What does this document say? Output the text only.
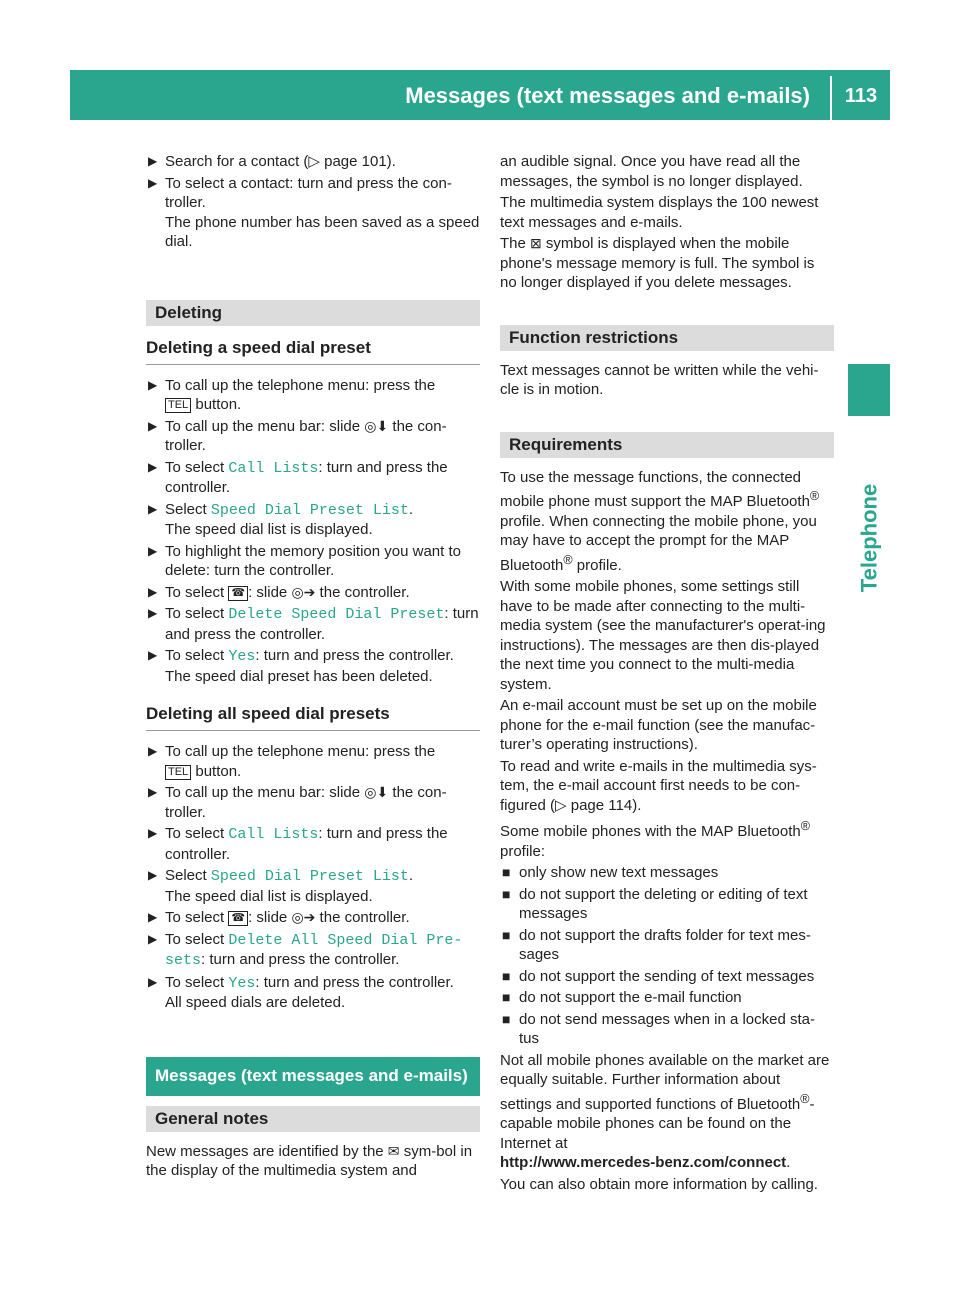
Messages (text messages and e-mails)	113
Telephone
▶ Search for a contact (▷ page 101).
▶ To select a contact: turn and press the con-troller.
The phone number has been saved as a speed dial.
Deleting
Deleting a speed dial preset
▶ To call up the telephone menu: press the
TEL button.
▶ To call up the menu bar: slide ◎⬇ the con-troller.
▶ To select Call Lists: turn and press the controller.
▶ Select Speed Dial Preset List.
The speed dial list is displayed.
▶ To highlight the memory position you want to delete: turn the controller.
▶ To select ☎ : slide ◎➔ the controller.
▶ To select Delete Speed Dial Preset: turn and press the controller.
▶ To select Yes: turn and press the controller.
The speed dial preset has been deleted.
Deleting all speed dial presets
▶ To call up the telephone menu: press the
TEL button.
▶ To call up the menu bar: slide ◎⬇ the con-troller.
▶ To select Call Lists: turn and press the controller.
▶ Select Speed Dial Preset List.
The speed dial list is displayed.
▶ To select ☎ : slide ◎➔ the controller.
▶ To select Delete All Speed Dial Pre‐
sets: turn and press the controller.
▶ To select Yes: turn and press the controller.
All speed dials are deleted.
Messages (text messages and e-mails)
General notes

New messages are identified by the ✉ sym-bol in the display of the multimedia system and

an audible signal. Once you have read all the messages, the symbol is no longer displayed.

The multimedia system displays the 100 newest text messages and e-mails.

The ⊠ symbol is displayed when the mobile phone's message memory is full. The symbol is no longer displayed if you delete messages.

Function restrictions

Text messages cannot be written while the vehi-cle is in motion.

Requirements

To use the message functions, the connected mobile phone must support the MAP Bluetooth® profile. When connecting the mobile phone, you may have to accept the prompt for the MAP Bluetooth® profile.

With some mobile phones, some settings still have to be made after connecting to the multi-media system (see the manufacturer's operat-ing instructions). The messages are then dis-played the next time you connect to the multi-media system.

An e-mail account must be set up on the mobile phone for the e-mail function (see the manufac-turer’s operating instructions).

To read and write e-mails in the multimedia sys-tem, the e-mail account first needs to be con-figured (▷ page 114).

Some mobile phones with the MAP Bluetooth® profile:

■ only show new text messages
■ do not support the deleting or editing of text messages
■ do not support the drafts folder for text mes-sages
■ do not support the sending of text messages
■ do not support the e-mail function
■ do not send messages when in a locked sta-tus

Not all mobile phones available on the market are equally suitable. Further information about settings and supported functions of Bluetooth®-capable mobile phones can be found on the Internet at
http://www.mercedes-benz.com/connect.

You can also obtain more information by calling.
